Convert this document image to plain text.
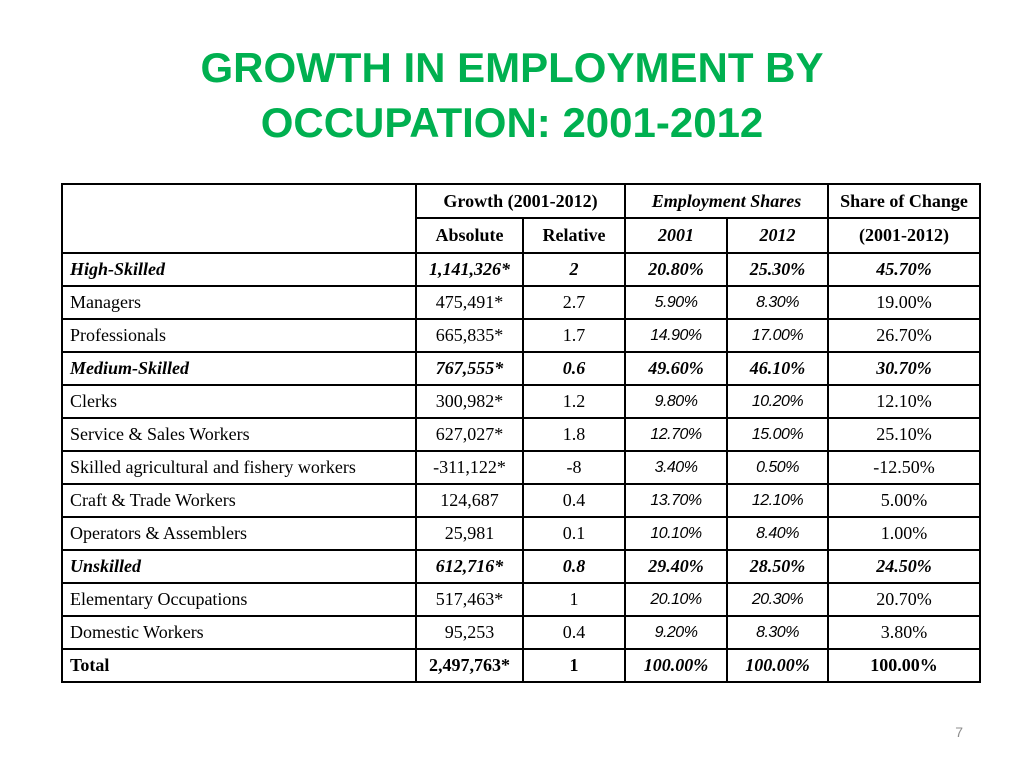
GROWTH IN EMPLOYMENT BY
OCCUPATION: 2001-2012
	Growth (2001-2012)		Employment Shares		Share of Change
	Absolute	Relative	2001	2012	(2001-2012)
High-Skilled	1,141,326*	2	20.80%	25.30%	45.70%
Managers	475,491*	2.7	5.90%	8.30%	19.00%
Professionals	665,835*	1.7	14.90%	17.00%	26.70%
Medium-Skilled	767,555*	0.6	49.60%	46.10%	30.70%
Clerks	300,982*	1.2	9.80%	10.20%	12.10%
Service & Sales Workers	627,027*	1.8	12.70%	15.00%	25.10%
Skilled agricultural and fishery workers	-311,122*	-8	3.40%	0.50%	-12.50%
Craft & Trade Workers	124,687	0.4	13.70%	12.10%	5.00%
Operators & Assemblers	25,981	0.1	10.10%	8.40%	1.00%
Unskilled	612,716*	0.8	29.40%	28.50%	24.50%
Elementary Occupations	517,463*	1	20.10%	20.30%	20.70%
Domestic Workers	95,253	0.4	9.20%	8.30%	3.80%
Total	2,497,763*	1	100.00%	100.00%	100.00%
7
